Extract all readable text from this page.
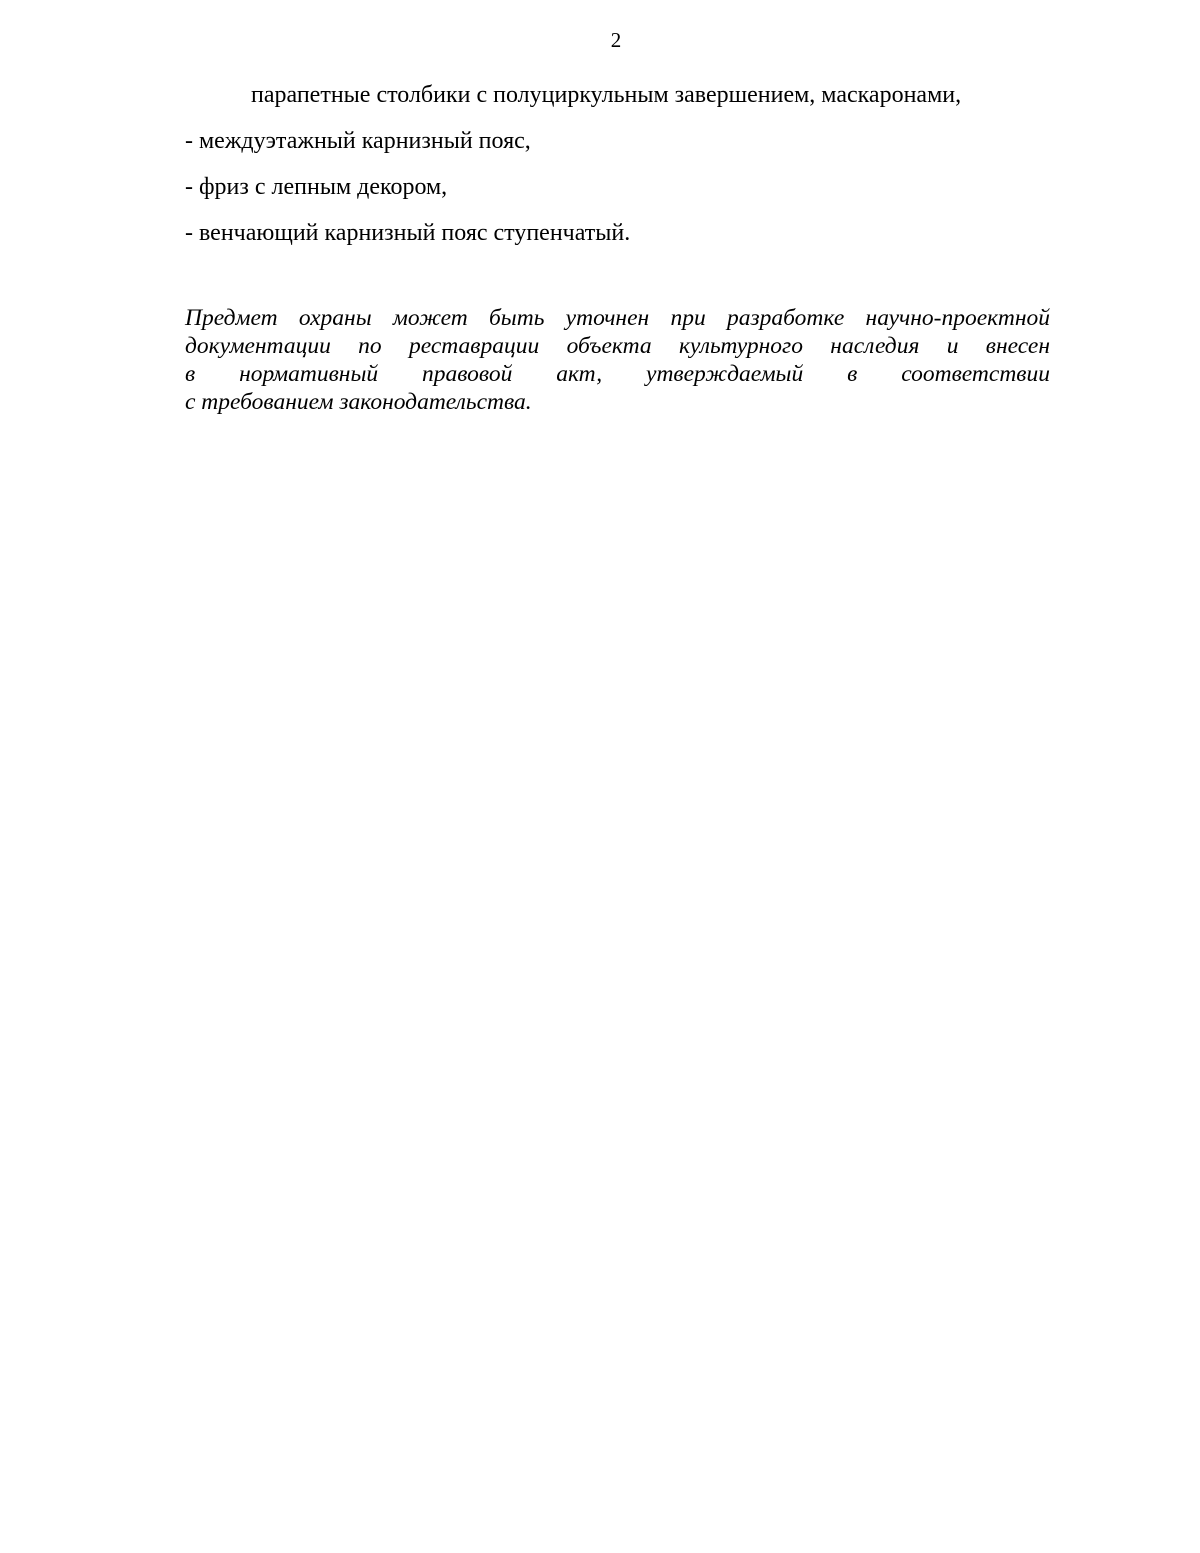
2
парапетные столбики с полуциркульным завершением, маскаронами,
- междуэтажный карнизный пояс,
- фриз с лепным декором,
- венчающий карнизный пояс ступенчатый.
Предмет охраны может быть уточнен при разработке научно-проектной
документации по реставрации объекта культурного наследия и внесен
в нормативный правовой акт, утверждаемый в соответствии
с требованием законодательства.
